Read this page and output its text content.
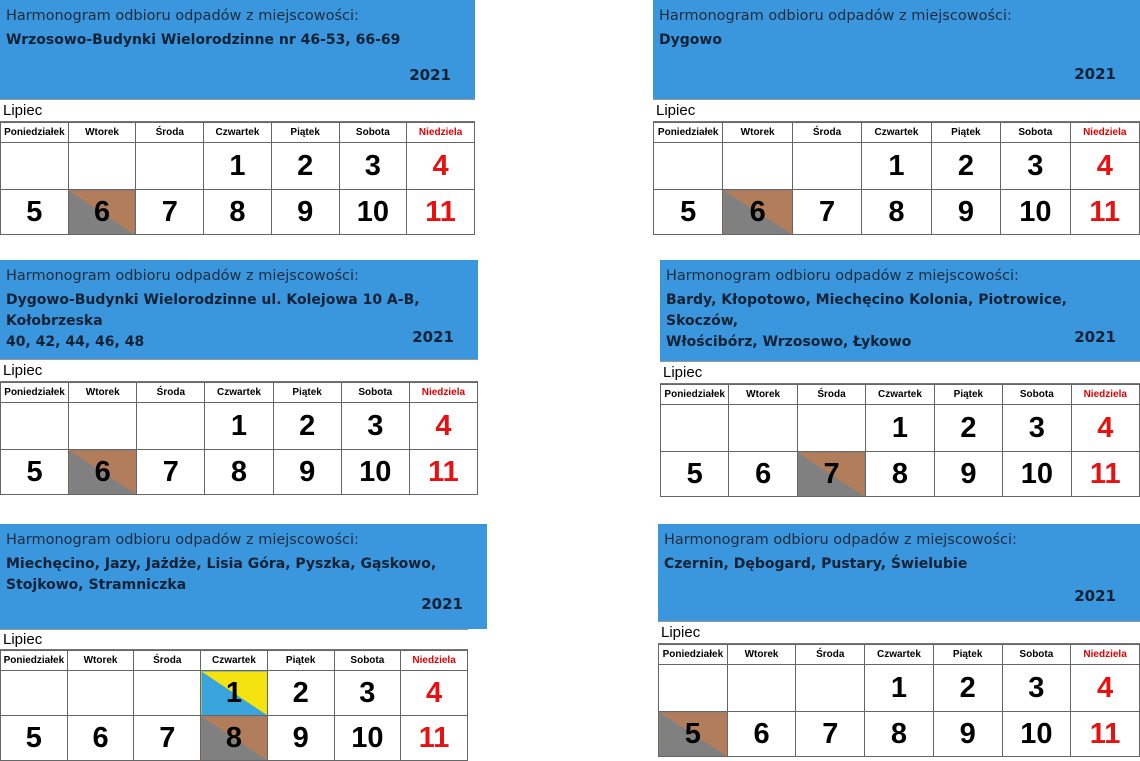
Harmonogram odbioru odpadów z miejscowości:
Wrzosowo-Budynki Wielorodzinne nr 46-53, 66-69

2021
Lipiec
Poniedziałek	Wtorek	Środa	Czwartek	Piątek	Sobota	Niedziela
			1	2	3	4
5	6	7	8	9	10	11
Harmonogram odbioru odpadów z miejscowości:
Dygowo

2021
Lipiec
Poniedziałek	Wtorek	Środa	Czwartek	Piątek	Sobota	Niedziela
			1	2	3	4
5	6	7	8	9	10	11
Harmonogram odbioru odpadów z miejscowości:
Dygowo-Budynki Wielorodzinne ul. Kolejowa 10 A-B, Kołobrzeska
40, 42, 44, 46, 48	2021
Lipiec
Poniedziałek	Wtorek	Środa	Czwartek	Piątek	Sobota	Niedziela
			1	2	3	4
5	6	7	8	9	10	11
Harmonogram odbioru odpadów z miejscowości:
Bardy, Kłopotowo, Miechęcino Kolonia, Piotrowice, Skoczów,
Włościbórz, Wrzosowo, Łykowo	2021
Lipiec
Poniedziałek	Wtorek	Środa	Czwartek	Piątek	Sobota	Niedziela
			1	2	3	4
5	6	7	8	9	10	11
Harmonogram odbioru odpadów z miejscowości:
Miechęcino, Jazy, Jażdże, Lisia Góra, Pyszka, Gąskowo,
Stojkowo, Stramniczka
2021
Lipiec
Poniedziałek	Wtorek	Środa	Czwartek	Piątek	Sobota	Niedziela
			1	2	3	4
5	6	7	8	9	10	11
Harmonogram odbioru odpadów z miejscowości:
Czernin, Dębogard, Pustary, Świelubie

2021
Lipiec
Poniedziałek	Wtorek	Środa	Czwartek	Piątek	Sobota	Niedziela
			1	2	3	4
5	6	7	8	9	10	11
